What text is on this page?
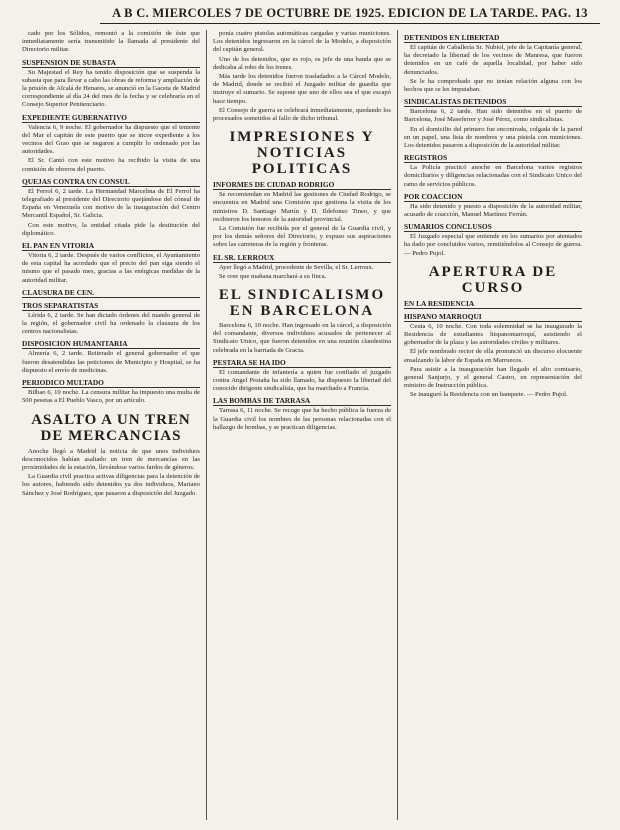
A B C. MIERCOLES 7 DE OCTUBRE DE 1925. EDICION DE LA TARDE. PAG. 13
cado por los Sólidos, remontó a la comisión de éste que inmediatamente sería transmitido la llamada al presidente del Directorio militar.
SUSPENSION DE SUBASTA
Su Majestad el Rey ha tenido disposición que se suspenda la subasta que para llevar a cabo las obras de reforma y ampliación de la prisión de Alcalá de Henares, se anunció en la Gaceta de Madrid correspondiente al día 24 del mes de la fecha y se celebraría en el Consejo Superior Penitenciario.
EXPEDIENTE GUBERNATIVO
Valencia 6, 9 noche. El gobernador ha dispuesto que el teniente del Mar el capitán de este puerto que se incoe expediente a los vecinos del Grao que se negaron a cumplir lo ordenado por las autoridades.
El Sr. Cantó con este motivo ha recibido la visita de una comisión de obreros del puerto.
QUEJAS CONTRA UN CONSUL
El Ferrol 6, 2 tarde. La Hermandad Marcelina de El Ferrol ha telegrafiado al presidente del Directorio quejándose del cónsul de España en Venezuela con motivo de la inauguración del Centro Mercantil Español, Sr. Galicia.
Con este motivo, la entidad citada pide la destitución del diplomático.
EL PAN EN VITORIA
Vitoria 6, 2 tarde. Después de varios conflictos, el Ayuntamiento de esta capital ha acordado que el precio del pan siga siendo el mismo que el pasado mes, gracias a las enérgicas medidas de la autoridad militar.
CLAUSURA DE CEN.
TROS SEPARATISTAS
Lérida 6, 2 tarde. Se han dictado órdenes del mando general de la región, el gobernador civil ha ordenado la clausura de los centros nacionalistas.
DISPOSICION HUMANITARIA
Almería 6, 2 tarde. Reiterado el general gobernador el que fueron desatendidas las peticiones de Municipio y Hospital, se ha dispuesto el envío de medicinas.
PERIODICO MULTADO
Bilbao 6, 10 noche. La censura militar ha impuesto una multa de 500 pesetas a El Pueblo Vasco, por un artículo.
ASALTO A UN TREN DE MERCANCIAS
Anoche llegó a Madrid la noticia de que unos individuos desconocidos habían asaltado un tren de mercancías en las proximidades de la estación, llevándose varios fardos de géneros.
La Guardia civil practica activas diligencias para la detención de los autores, habiendo sido detenidos ya dos individuos, Mariano Sánchez y José Rodríguez, que pasaron a disposición del Juzgado.
ponía cuatro pistolas automáticas cargadas y varias municiones. Los detenidos ingresaron en la cárcel de la Modelo, a disposición del capitán general.
Uno de los detenidos, que es rojo, es jefe de una banda que se dedicaba al robo de los trenes.
Más tarde los detenidos fueron trasladados a la Cárcel Modelo, de Madrid, donde se recibió el Juzgado militar de guardia que instruye el sumario. Se supone que uno de ellos sea el que escapó hace tiempo.
El Consejo de guerra se celebrará inmediatamente, quedando los procesados sometidos al fallo de dicho tribunal.
IMPRESIONES Y NOTICIAS POLITICAS
INFORMES DE CIUDAD RODRIGO
Se recomiendan en Madrid las gestiones de Ciudad Rodrigo, se encuentra en Madrid una Comisión que gestiona la visita de los ministros D. Santiago Martín y D. Ildefonso Tineo, y que recibieron los honores de la autoridad provincial.
La Comisión fue recibida por el general de la Guardia civil, y por los demás señores del Directorio, y expuso sus aspiraciones sobre las carreteras de la región y fronteras.
EL SR. LERROUX
Ayer llegó a Madrid, procedente de Sevilla, el Sr. Lerroux.
Se cree que mañana marchará a su finca.
EL SINDICALISMO EN BARCELONA
Barcelona 6, 10 noche. Han ingresado en la cárcel, a disposición del comandante, diversos individuos acusados de pertenecer al Sindicato Unico, que fueron detenidos en una reunión clandestina celebrada en la barriada de Gracia.
PESTARA SE HA IDO
El comandante de infantería a quien fue confiado el juzgado contra Angel Pestaña ha sido llamado, ha dispuesto la libertad del conocido dirigente sindicalista, que ha marchado a Francia.
LAS BOMBAS DE TARRASA
Tarrasa 6, 11 noche. Se recoge que ha hecho pública la fuerza de la Guardia civil los nombres de las personas relacionadas con el hallazgo de bombas, y se practican diligencias.
DETENIDOS EN LIBERTAD
El capitán de Caballería Sr. Nubiol, jefe de la Capitanía general, ha decretado la libertad de los vecinos de Manresa, que fueron detenidos en un café de aquella localidad, por haber sido denunciados.
Se le ha comprobado que no tenían relación alguna con los hechos que se les imputaban.
SINDICALISTAS DETENIDOS
Barcelona 6, 2 tarde. Han sido detenidos en el puerto de Barcelona, José Maseferrer y José Pérez, como sindicalistas.
En el domicilio del primero fue encontrada, colgada de la pared en un papel, una lista de nombres y una pistola con municiones. Los detenidos pasaron a disposición de la autoridad militar.
REGISTROS
La Policía practicó anoche en Barcelona varios registros domiciliarios y diligencias relacionadas con el Sindicato Unico del ramo de servicios públicos.
POR COACCION
Ha sido detenido y puesto a disposición de la autoridad militar, acusado de coacción, Manuel Martínez Ferrán.
SUMARIOS CONCLUSOS
El Juzgado especial que entiende en los sumarios por atentados ha dado por concluidos varios, remitiéndolos al Consejo de guerra. — Pedro Pujol.
APERTURA DE CURSO
EN LA RESIDENCIA
HISPANO MARROQUI
Ceuta 6, 10 noche. Con toda solemnidad se ha inaugurado la Residencia de estudiantes hispanomarroquí, asistiendo el gobernador de la plaza y las autoridades civiles y militares.
El jefe nombrado rector de ella pronunció un discurso elocuente ensalzando la labor de España en Marruecos.
Para asistir a la inauguración han llegado el alto comisario, general Sanjurjo, y el general Castro, en representación del ministro de Instrucción pública.
Se inauguró la Residencia con un banquete. — Pedro Pujol.
